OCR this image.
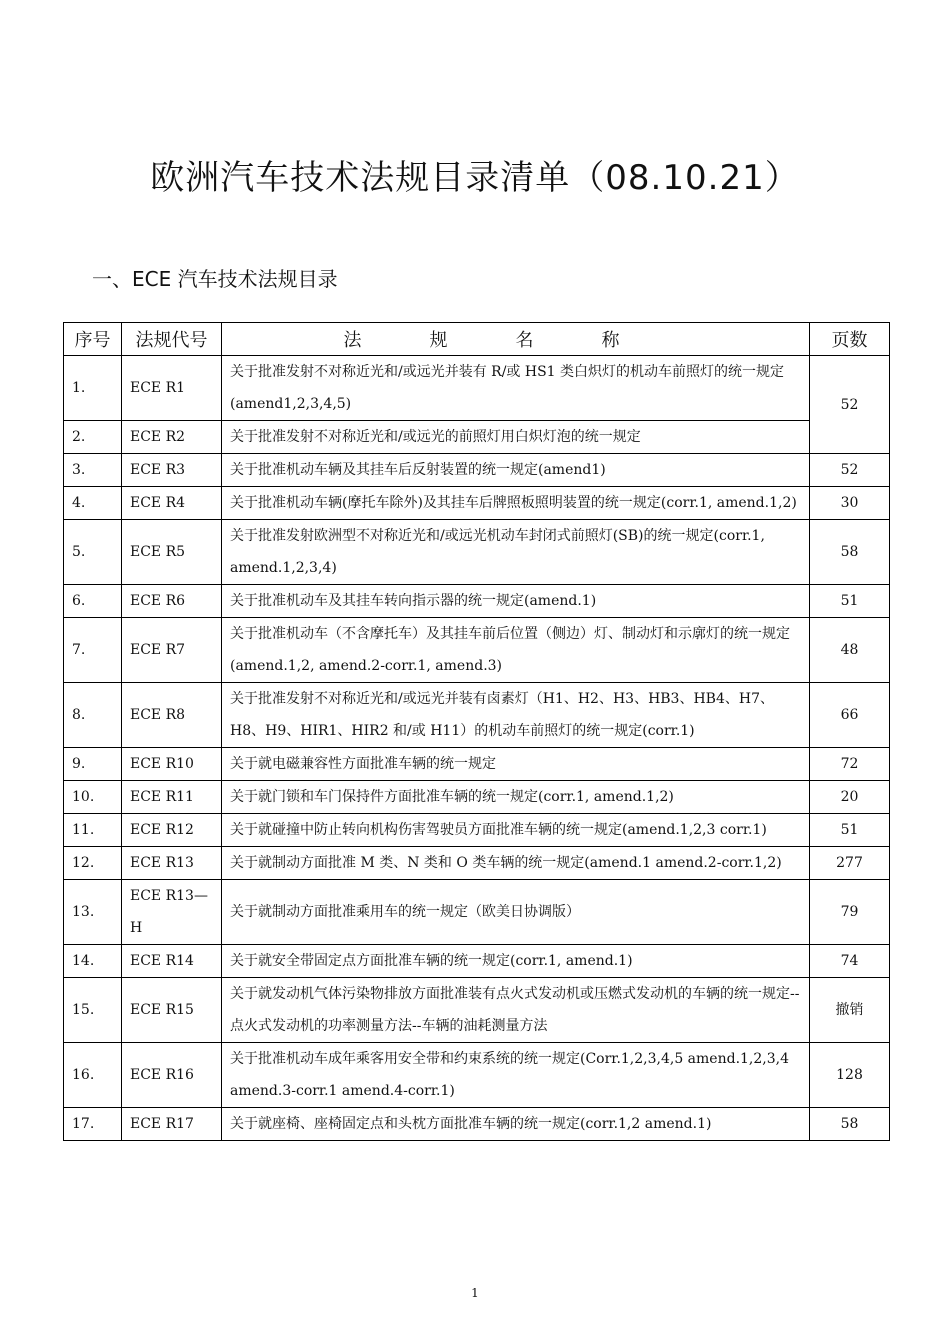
欧洲汽车技术法规目录清单（08.10.21）
一、ECE 汽车技术法规目录
序号	法规代号	法规名称	页数
1.	ECE R1	关于批准发射不对称近光和/或远光并装有 R/或 HS1 类白炽灯的机动车前照灯的统一规定(amend1,2,3,4,5)	52
2.	ECE R2	关于批准发射不对称近光和/或远光的前照灯用白炽灯泡的统一规定	
3.	ECE R3	关于批准机动车辆及其挂车后反射装置的统一规定(amend1)	52
4.	ECE R4	关于批准机动车辆(摩托车除外)及其挂车后牌照板照明装置的统一规定(corr.1, amend.1,2)	30
5.	ECE R5	关于批准发射欧洲型不对称近光和/或远光机动车封闭式前照灯(SB)的统一规定(corr.1, amend.1,2,3,4)	58
6.	ECE R6	关于批准机动车及其挂车转向指示器的统一规定(amend.1)	51
7.	ECE R7	关于批准机动车（不含摩托车）及其挂车前后位置（侧边）灯、制动灯和示廓灯的统一规定(amend.1,2, amend.2-corr.1, amend.3)	48
8.	ECE R8	关于批准发射不对称近光和/或远光并装有卤素灯（H1、H2、H3、HB3、HB4、H7、H8、H9、HIR1、HIR2 和/或 H11）的机动车前照灯的统一规定(corr.1)	66
9.	ECE R10	关于就电磁兼容性方面批准车辆的统一规定	72
10.	ECE R11	关于就门锁和车门保持件方面批准车辆的统一规定(corr.1, amend.1,2)	20
11.	ECE R12	关于就碰撞中防止转向机构伤害驾驶员方面批准车辆的统一规定(amend.1,2,3 corr.1)	51
12.	ECE R13	关于就制动方面批准 M 类、N 类和 O 类车辆的统一规定(amend.1 amend.2-corr.1,2)	277
13.	ECE R13—H	关于就制动方面批准乘用车的统一规定（欧美日协调版）	79
14.	ECE R14	关于就安全带固定点方面批准车辆的统一规定(corr.1, amend.1)	74
15.	ECE R15	关于就发动机气体污染物排放方面批准装有点火式发动机或压燃式发动机的车辆的统一规定--点火式发动机的功率测量方法--车辆的油耗测量方法	撤销
16.	ECE R16	关于批准机动车成年乘客用安全带和约束系统的统一规定(Corr.1,2,3,4,5 amend.1,2,3,4 amend.3-corr.1 amend.4-corr.1)	128
17.	ECE R17	关于就座椅、座椅固定点和头枕方面批准车辆的统一规定(corr.1,2 amend.1)	58
1
